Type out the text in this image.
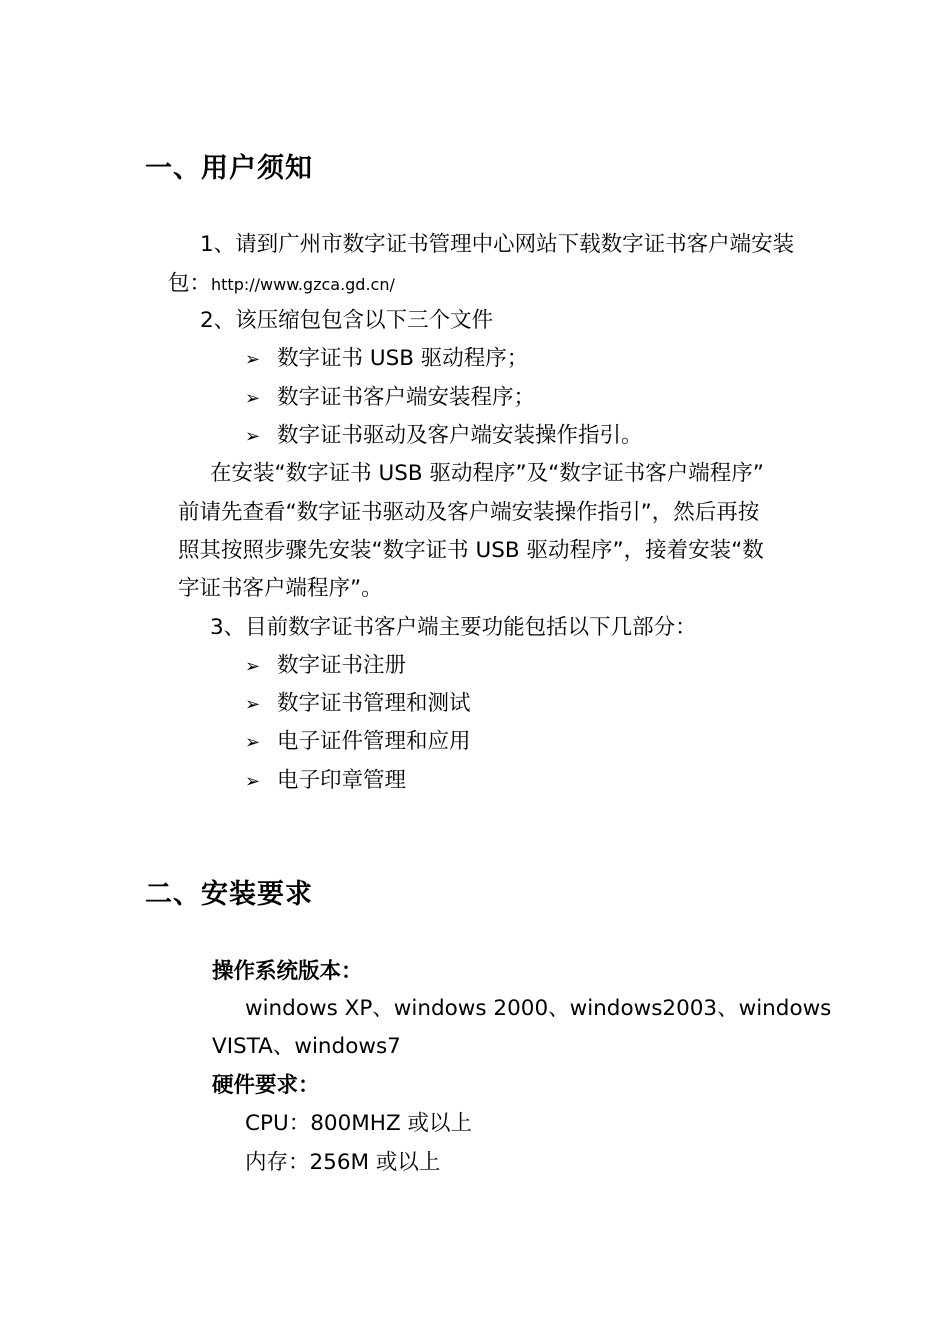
一、用户须知
1、请到广州市数字证书管理中心网站下载数字证书客户端安装
包：http://www.gzca.gd.cn/
2、该压缩包包含以下三个文件
➢ 数字证书 USB 驱动程序；
➢ 数字证书客户端安装程序；
➢ 数字证书驱动及客户端安装操作指引。
在安装“数字证书 USB 驱动程序”及“数字证书客户端程序”
前请先查看“数字证书驱动及客户端安装操作指引”，然后再按
照其按照步骤先安装“数字证书 USB 驱动程序”，接着安装“数
字证书客户端程序”。
3、目前数字证书客户端主要功能包括以下几部分：
➢ 数字证书注册
➢ 数字证书管理和测试
➢ 电子证件管理和应用
➢ 电子印章管理
二、安装要求
操作系统版本：
windows XP、windows 2000、windows2003、windows
VISTA、windows7
硬件要求：
CPU：800MHZ 或以上
内存：256M 或以上
